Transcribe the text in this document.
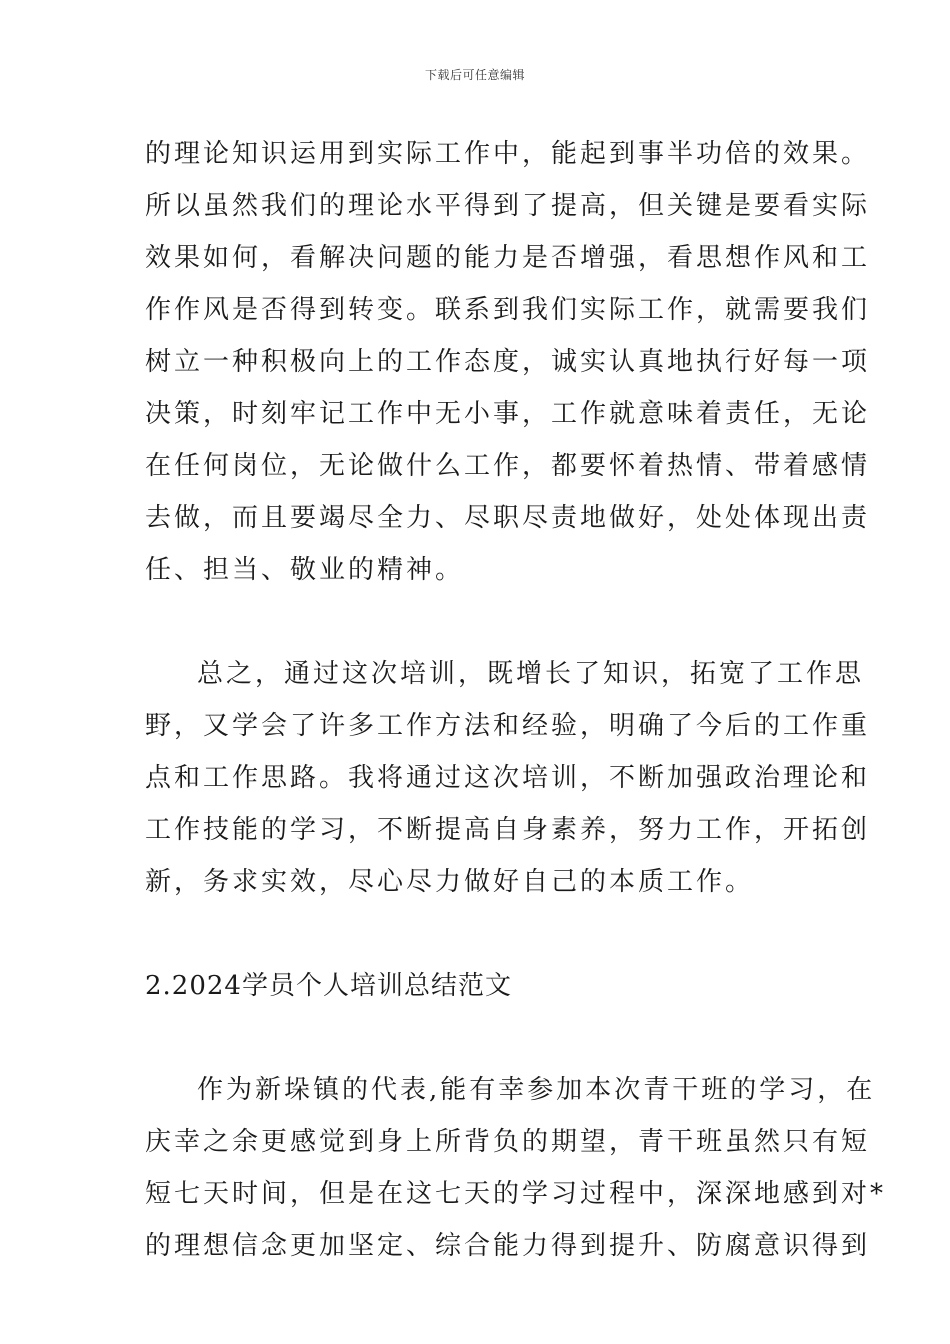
下载后可任意编辑
的理论知识运用到实际工作中，能起到事半功倍的效果。
所以虽然我们的理论水平得到了提高，但关键是要看实际
效果如何，看解决问题的能力是否增强，看思想作风和工
作作风是否得到转变。联系到我们实际工作，就需要我们
树立一种积极向上的工作态度，诚实认真地执行好每一项
决策，时刻牢记工作中无小事，工作就意味着责任，无论
在任何岗位，无论做什么工作，都要怀着热情、带着感情
去做，而且要竭尽全力、尽职尽责地做好，处处体现出责
任、担当、敬业的精神。
总之，通过这次培训，既增长了知识，拓宽了工作思
野，又学会了许多工作方法和经验，明确了今后的工作重
点和工作思路。我将通过这次培训，不断加强政治理论和
工作技能的学习，不断提高自身素养，努力工作，开拓创
新，务求实效，尽心尽力做好自己的本质工作。
2.2024学员个人培训总结范文
作为新垛镇的代表,能有幸参加本次青干班的学习，在
庆幸之余更感觉到身上所背负的期望，青干班虽然只有短
短七天时间，但是在这七天的学习过程中，深深地感到对*
的理想信念更加坚定、综合能力得到提升、防腐意识得到
